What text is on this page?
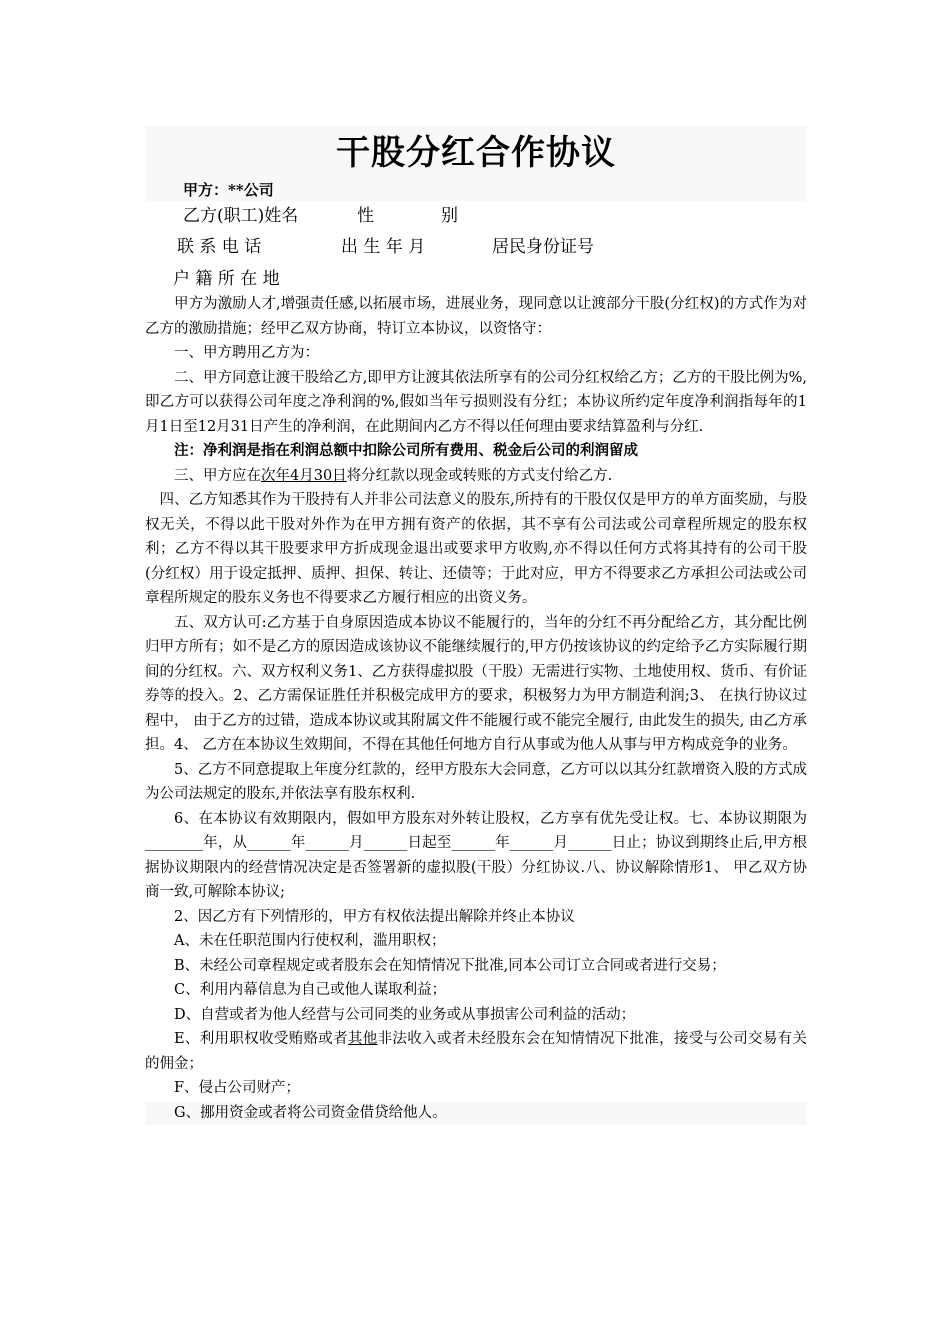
干股分红合作协议
甲方：**公司
乙方(职工)姓名	性	别
联 系 电 话	出 生 年 月	居民身份证号
户 籍 所 在 地

甲方为激励人才,增强责任感,以拓展市场，进展业务，现同意以让渡部分干股(分红权)的方式作为对乙方的激励措施；经甲乙双方协商，特订立本协议，以资恪守：

一、甲方聘用乙方为：

二、甲方同意让渡干股给乙方,即甲方让渡其依法所享有的公司分红权给乙方；乙方的干股比例为%,即乙方可以获得公司年度之净利润的%,假如当年亏损则没有分红；本协议所约定年度净利润指每年的1月1日至12月31日产生的净利润，在此期间内乙方不得以任何理由要求结算盈利与分红.

注：净利润是指在利润总额中扣除公司所有费用、税金后公司的利润留成

三、甲方应在次年4月30日将分红款以现金或转账的方式支付给乙方.

四、乙方知悉其作为干股持有人并非公司法意义的股东,所持有的干股仅仅是甲方的单方面奖励，与股权无关，不得以此干股对外作为在甲方拥有资产的依据，其不享有公司法或公司章程所规定的股东权利；乙方不得以其干股要求甲方折成现金退出或要求甲方收购,亦不得以任何方式将其持有的公司干股(分红权）用于设定抵押、质押、担保、转让、还债等；于此对应，甲方不得要求乙方承担公司法或公司章程所规定的股东义务也不得要求乙方履行相应的出资义务。

五、双方认可:乙方基于自身原因造成本协议不能履行的，当年的分红不再分配给乙方，其分配比例归甲方所有；如不是乙方的原因造成该协议不能继续履行的,甲方仍按该协议的约定给予乙方实际履行期间的分红权。六、双方权利义务1、乙方获得虚拟股（干股）无需进行实物、土地使用权、货币、有价证券等的投入。2、乙方需保证胜任并积极完成甲方的要求，积极努力为甲方制造利润;3、 在执行协议过程中， 由于乙方的过错，造成本协议或其附属文件不能履行或不能完全履行, 由此发生的损失, 由乙方承担。4、 乙方在本协议生效期间，不得在其他任何地方自行从事或为他人从事与甲方构成竞争的业务。

5、乙方不同意提取上年度分红款的，经甲方股东大会同意，乙方可以以其分红款增资入股的方式成为公司法规定的股东,并依法享有股东权利.

6、在本协议有效期限内，假如甲方股东对外转让股权，乙方享有优先受让权。七、本协议期限为________年，从______年______月______日起至______年______月______日止；协议到期终止后,甲方根据协议期限内的经营情况决定是否签署新的虚拟股(干股）分红协议.八、协议解除情形1、 甲乙双方协商一致,可解除本协议;

2、因乙方有下列情形的，甲方有权依法提出解除并终止本协议

A、未在任职范围内行使权利，滥用职权；

B、未经公司章程规定或者股东会在知情情况下批准,同本公司订立合同或者进行交易；

C、利用内幕信息为自己或他人谋取利益；

D、自营或者为他人经营与公司同类的业务或从事损害公司利益的活动；

E、利用职权收受贿赂或者其他非法收入或者未经股东会在知情情况下批准，接受与公司交易有关的佣金；

F、侵占公司财产；

G、挪用资金或者将公司资金借贷给他人。
